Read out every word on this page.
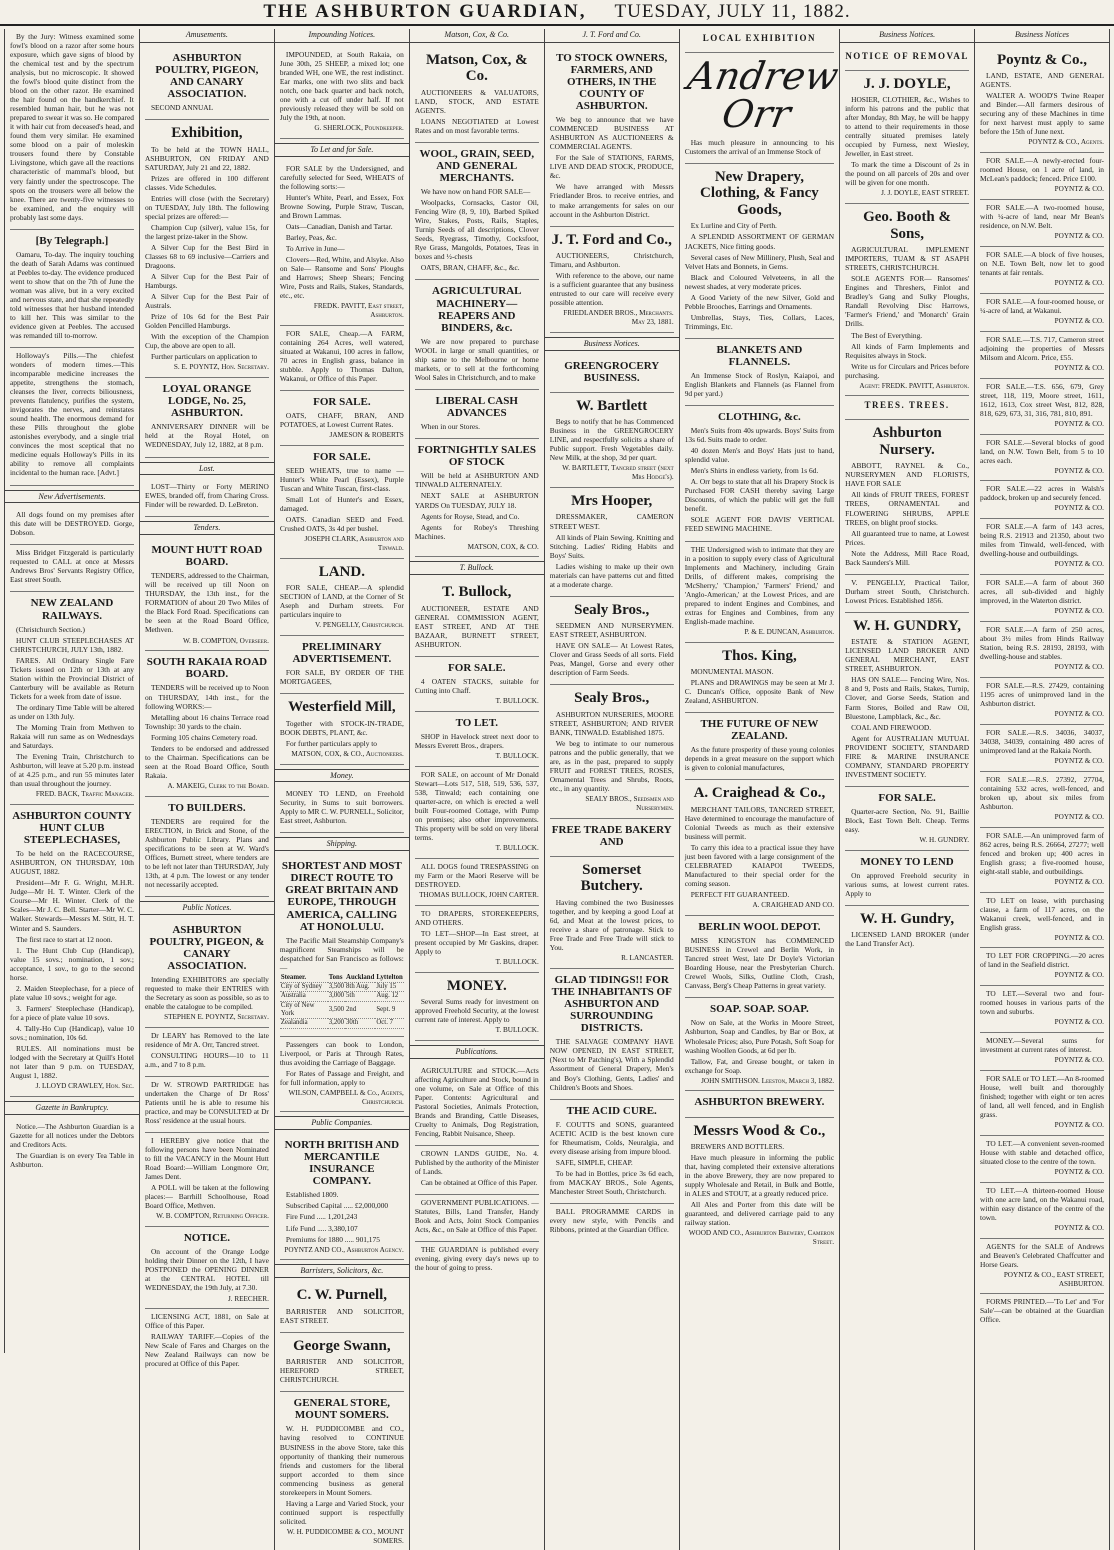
THE ASHBURTON GUARDIAN, TUESDAY, JULY 11, 1882.

By the Jury: Witness examined some fowl's blood on a razor after some hours exposure, which gave signs of blood by the chemical test and by the spectrum analysis, but no microscopic. It showed the fowl's blood quite distinct from the blood on the other razor. He examined the hair found on the handkerchief. It resembled human hair, but he was not prepared to swear it was so. He compared it with hair cut from deceased's head, and found them very similar. He examined some blood on a pair of moleskin trousers found there by Constable Livingstone, which gave all the reactions characteristic of mammal's blood, but very faintly under the spectroscope. The spots on the trousers were all below the knee. There are twenty-five witnesses to be examined, and the enquiry will probably last some days.

[By Telegraph.]

Oamaru, To-day. The inquiry touching the death of Sarah Adams was continued at Peebles to-day. The evidence produced went to show that on the 7th of June the woman was alive, but in a very excited and nervous state, and that she repeatedly told witnesses that her husband intended to kill her. This was similar to the evidence given at Peebles. The accused was remanded till to-morrow.

Holloway's Pills.—The chiefest wonders of modern times.—This incomparable medicine increases the appetite, strengthens the stomach, cleanses the liver, corrects biliousness, prevents flatulency, purifies the system, invigorates the nerves, and reinstates sound health. The enormous demand for these Pills throughout the globe astonishes everybody, and a single trial convinces the most sceptical that no medicine equals Holloway's Pills in its ability to remove all complaints incidental to the human race. [Advt.]

New Advertisements.

All dogs found on my premises after this date will be DESTROYED. Gorge, Dobson.

Miss Bridget Fitzgerald is particularly requested to CALL at once at Messrs Andrews Bros' Servants Registry Office, East street South.

NEW ZEALAND RAILWAYS.

(Christchurch Section.)

HUNT CLUB STEEPLECHASES AT CHRISTCHURCH, JULY 13th, 1882.

FARES. All Ordinary Single Fare Tickets issued on 12th or 13th at any Station within the Provincial District of Canterbury will be available as Return Tickets for a week from date of issue.

The ordinary Time Table will be altered as under on 13th July.

The Morning Train from Methven to Rakaia will run same as on Wednesdays and Saturdays.

The Evening Train, Christchurch to Ashburton, will leave at 5.20 p.m. instead of at 4.25 p.m., and run 55 minutes later than usual throughout the journey.

FRED. BACK, Traffic Manager.
ASHBURTON COUNTY HUNT CLUB STEEPLECHASES,

To be held on the RACECOURSE, ASHBURTON, ON THURSDAY, 10th AUGUST, 1882.

President—Mr F. G. Wright, M.H.R. Judge—Mr H. T. Winter. Clerk of the Course—Mr H. Winter. Clerk of the Scales—Mr J. C. Bell. Starter—Mr W. C. Walker. Stewards—Messrs M. Stitt, H. T. Winter and S. Saunders.

The first race to start at 12 noon.

1. The Hunt Club Cup (Handicap), value 15 sovs.; nomination, 1 sov.; acceptance, 1 sov., to go to the second horse.

2. Maiden Steeplechase, for a piece of plate value 10 sovs.; weight for age.

3. Farmers' Steeplechase (Handicap), for a piece of plate value 10 sovs.

4. Tally-Ho Cup (Handicap), value 10 sovs.; nomination, 10s 6d.

RULES. All nominations must be lodged with the Secretary at Quill's Hotel not later than 9 p.m. on TUESDAY, August 1, 1882.

J. LLOYD CRAWLEY, Hon. Sec.
Gazette in Bankruptcy.

Notice.—The Ashburton Guardian is a Gazette for all notices under the Debtors and Creditors Acts.

The Guardian is on every Tea Table in Ashburton.

Amusements.
ASHBURTON POULTRY, PIGEON, AND CANARY ASSOCIATION.

SECOND ANNUAL

Exhibition,

To be held at the TOWN HALL, ASHBURTON, ON FRIDAY AND SATURDAY, July 21 and 22, 1882.

Prizes are offered in 100 different classes. Vide Schedules.

Entries will close (with the Secretary) on TUESDAY, July 18th. The following special prizes are offered:—

Champion Cup (silver), value 15s, for the largest prize-taker in the Show.

A Silver Cup for the Best Bird in Classes 68 to 69 inclusive—Carriers and Dragoons.

A Silver Cup for the Best Pair of Hamburgs.

A Silver Cup for the Best Pair of Australs.

Prize of 10s 6d for the Best Pair Golden Pencilled Hamburgs.

With the exception of the Champion Cup, the above are open to all.

Further particulars on application to

S. E. POYNTZ, Hon. Secretary.
LOYAL ORANGE LODGE, No. 25, ASHBURTON.

ANNIVERSARY DINNER will be held at the Royal Hotel, on WEDNESDAY, July 12, 1882, at 8 p.m.

Lost.

LOST—Thirty or Forty MERINO EWES, branded off, from Charing Cross. Finder will be rewarded. D. LeBreton.

Tenders.
MOUNT HUTT ROAD BOARD.

TENDERS, addressed to the Chairman, will be received up till Noon on THURSDAY, the 13th inst., for the FORMATION of about 20 Two Miles of the Black Ford Road. Specifications can be seen at the Road Board Office, Methven.

W. B. COMPTON, Overseer.
SOUTH RAKAIA ROAD BOARD.

TENDERS will be received up to Noon on THURSDAY, 14th inst., for the following WORKS:—

Metalling about 16 chains Terrace road Township: 30 yards to the chain.

Forming 105 chains Cemetery road.

Tenders to be endorsed and addressed to the Chairman. Specifications can be seen at the Road Board Office, South Rakaia.

A. MAKEIG, Clerk to the Board.
TO BUILDERS.

TENDERS are required for the ERECTION, in Brick and Stone, of the Ashburton Public Library. Plans and specifications to be seen at W. Ward's Offices, Burnett street, where tenders are to be left not later than THURSDAY, July 13th, at 4 p.m. The lowest or any tender not necessarily accepted.

Public Notices.
ASHBURTON POULTRY, PIGEON, & CANARY ASSOCIATION.

Intending EXHIBITORS are specially requested to make their ENTRIES with the Secretary as soon as possible, so as to enable the catalogue to be compiled.

STEPHEN E. POYNTZ, Secretary.

Dr LEARY has Removed to the late residence of Mr A. Orr, Tancred street.

CONSULTING HOURS—10 to 11 a.m., and 7 to 8 p.m.

Dr W. STROWD PARTRIDGE has undertaken the Charge of Dr Ross' Patients until he is able to resume his practice, and may be CONSULTED at Dr Ross' residence at the usual hours.

I HEREBY give notice that the following persons have been Nominated to fill the VACANCY in the Mount Hutt Road Board:—William Longmore Orr, James Dent.

A POLL will be taken at the following places:— Barrhill Schoolhouse, Road Board Office, Methven.

W. B. COMPTON, Returning Officer.
NOTICE.

On account of the Orange Lodge holding their Dinner on the 12th, I have POSTPONED the OPENING DINNER at the CENTRAL HOTEL till WEDNESDAY, the 19th July, at 7.30.

J. REECHER.

LICENSING ACT, 1881, on Sale at Office of this Paper.

RAILWAY TARIFF.—Copies of the New Scale of Fares and Charges on the New Zealand Railways can now be procured at Office of this Paper.

Impounding Notices.

IMPOUNDED, at South Rakaia, on June 30th, 25 SHEEP, a mixed lot; one branded WH, one WE, the rest indistinct. Ear marks, one with two slits and back notch, one back quarter and back notch, one with a cut off under half. If not previously released they will be sold on July the 19th, at noon.

G. SHERLOCK, Poundkeeper.
To Let and for Sale.

FOR SALE by the Undersigned, and carefully selected for Seed, WHEATS of the following sorts:—

Hunter's White, Pearl, and Essex, Fox Browne Sowing, Purple Straw, Tuscan, and Brown Lammas.

Oats—Canadian, Danish and Tartar.

Barley, Peas, &c.

To Arrive in June—

Clovers—Red, White, and Alsyke. Also on Sale— Ransome and Sons' Ploughs and Harrows; Sheep Shears; Fencing Wire, Posts and Rails, Stakes, Standards, etc., etc.

FREDK. PAVITT, East street, Ashburton.

FOR SALE, Cheap.—A FARM, containing 264 Acres, well watered, situated at Wakanui, 100 acres in fallow, 70 acres in English grass, balance in stubble. Apply to Thomas Dalton, Wakanui, or Office of this Paper.

FOR SALE.

OATS, CHAFF, BRAN, AND POTATOES, at Lowest Current Rates.

JAMESON & ROBERTS
FOR SALE.

SEED WHEATS, true to name — Hunter's White Pearl (Essex), Purple Tuscan and White Tuscan, first-class.

Small Lot of Hunter's and Essex, damaged.

OATS. Canadian SEED and Feed. Crushed OATS, 3s 4d per bushel.

JOSEPH CLARK, Ashburton and Tinwald.
LAND.

FOR SALE, CHEAP.—A splendid SECTION of LAND, at the Corner of St Aseph and Durham streets. For particulars inquire to

V. PENGELLY, Christchurch.
PRELIMINARY ADVERTISEMENT.

FOR SALE, BY ORDER OF THE MORTGAGEES,

Westerfield Mill,

Together with STOCK-IN-TRADE, BOOK DEBTS, PLANT, &c.

For further particulars apply to

MATSON, COX, & CO., Auctioneers.
Money.

MONEY TO LEND, on Freehold Security, in Sums to suit borrowers. Apply to MR C. W. PURNELL, Solicitor, East street, Ashburton.

Shipping.
SHORTEST AND MOST DIRECT ROUTE TO GREAT BRITAIN AND EUROPE, THROUGH AMERICA, CALLING AT HONOLULU.

The Pacific Mail Steamship Company's magnificent Steamships will be despatched for San Francisco as follows:—

Steamer.	Tons	Auckland	Lyttelton
City of Sydney	3,500	8th Aug.	July 15
Australia	3,000	5th	Aug. 12
City of New York	3,500	2nd	Sept. 9
Zealandia	3,200	30th	Oct. 7

Passengers can book to London, Liverpool, or Paris at Through Rates, thus avoiding the Carriage of Baggage.

For Rates of Passage and Freight, and for full information, apply to

WILSON, CAMPBELL & Co., Agents, Christchurch.
Public Companies.
NORTH BRITISH AND MERCANTILE INSURANCE COMPANY.

Established 1809.

Subscribed Capital ..... £2,000,000

Fire Fund ..... 1,201,243

Life Fund ..... 3,380,107

Premiums for 1880 ..... 901,175

POYNTZ AND CO., Ashburton Agency.
Barristers, Solicitors, &c.
C. W. Purnell,

BARRISTER AND SOLICITOR, EAST STREET.

George Swann,

BARRISTER AND SOLICITOR, HEREFORD STREET, CHRISTCHURCH.

GENERAL STORE, MOUNT SOMERS.

W. H. PUDDICOMBE and CO., having resolved to CONTINUE BUSINESS in the above Store, take this opportunity of thanking their numerous friends and customers for the liberal support accorded to them since commencing business as general storekeepers in Mount Somers.

Having a Large and Varied Stock, your continued support is respectfully solicited.

W. H. PUDDICOMBE & CO., MOUNT SOMERS.
Matson, Cox, & Co.
Matson, Cox, & Co.

AUCTIONEERS & VALUATORS, LAND, STOCK, AND ESTATE AGENTS.

LOANS NEGOTIATED at Lowest Rates and on most favorable terms.

WOOL, GRAIN, SEED, AND GENERAL MERCHANTS.

We have now on hand FOR SALE—

Woolpacks, Cornsacks, Castor Oil, Fencing Wire (8, 9, 10), Barbed Spiked Wire, Stakes, Posts, Rails, Staples, Turnip Seeds of all descriptions, Clover Seeds, Ryegrass, Timothy, Cocksfoot, Rye Grass, Mangolds, Potatoes, Teas in boxes and ½-chests

OATS, BRAN, CHAFF, &c., &c.

AGRICULTURAL MACHINERY— REAPERS AND BINDERS, &c.

We are now prepared to purchase WOOL in large or small quantities, or ship same to the Melbourne or home markets, or to sell at the forthcoming Wool Sales in Christchurch, and to make

LIBERAL CASH ADVANCES

When in our Stores.

FORTNIGHTLY SALES OF STOCK

Will be held at ASHBURTON AND TINWALD ALTERNATELY.

NEXT SALE at ASHBURTON YARDS On TUESDAY, JULY 18.

Agents for Royse, Stead, and Co.

Agents for Robey's Threshing Machines.

MATSON, COX, & CO.
T. Bullock.
T. Bullock,

AUCTIONEER, ESTATE AND GENERAL COMMISSION AGENT, EAST STREET, AND AT THE BAZAAR, BURNETT STREET, ASHBURTON.

FOR SALE.

4 OATEN STACKS, suitable for Cutting into Chaff.

T. BULLOCK.
TO LET.

SHOP in Havelock street next door to Messrs Everett Bros., drapers.

T. BULLOCK.

FOR SALE, on account of Mr Donald Stewart—Lots 517, 518, 519, 536, 537, 538, Tinwald; each containing one quarter-acre, on which is erected a well built Four-roomed Cottage, with Pump on premises; also other improvements. This property will be sold on very liberal terms.

T. BULLOCK.

ALL DOGS found TRESPASSING on my Farm or the Maori Reserve will be DESTROYED.

THOMAS BULLOCK, JOHN CARTER.

TO DRAPERS, STOREKEEPERS, AND OTHERS.

TO LET—SHOP—In East street, at present occupied by Mr Gaskins, draper. Apply to

T. BULLOCK.
MONEY.

Several Sums ready for investment on approved Freehold Security, at the lowest current rate of interest. Apply to

T. BULLOCK.
Publications.

AGRICULTURE and STOCK.—Acts affecting Agriculture and Stock, bound in one volume, on Sale at Office of this Paper. Contents: Agricultural and Pastoral Societies, Animals Protection, Brands and Branding, Cattle Diseases, Cruelty to Animals, Dog Registration, Fencing, Rabbit Nuisance, Sheep.

CROWN LANDS GUIDE, No. 4. Published by the authority of the Minister of Lands.

Can be obtained at Office of this Paper.

GOVERNMENT PUBLICATIONS. —Statutes, Bills, Land Transfer, Handy Book and Acts, Joint Stock Companies Acts, &c., on Sale at Office of this Paper.

THE GUARDIAN is published every evening, giving every day's news up to the hour of going to press.

J. T. Ford and Co.
TO STOCK OWNERS, FARMERS, AND OTHERS, IN THE COUNTY OF ASHBURTON.

We beg to announce that we have COMMENCED BUSINESS AT ASHBURTON AS AUCTIONEERS & COMMERCIAL AGENTS.

For the Sale of STATIONS, FARMS, LIVE AND DEAD STOCK, PRODUCE, &c.

We have arranged with Messrs Friedlander Bros. to receive entries, and to make arrangements for sales on our account in the Ashburton District.

J. T. Ford and Co.,

AUCTIONEERS, Christchurch, Timaru, and Ashburton.

With reference to the above, our name is a sufficient guarantee that any business entrusted to our care will receive every possible attention.

FRIEDLANDER BROS., Merchants. May 23, 1881.
Business Notices.
GREENGROCERY BUSINESS.
W. Bartlett

Begs to notify that he has Commenced Business in the GREENGROCERY LINE, and respectfully solicits a share of Public support. Fresh Vegetables daily. New Milk, at the shop, 3d per quart.

W. BARTLETT, Tancred street (next Mrs Hodge's).
Mrs Hooper,

DRESSMAKER, CAMERON STREET WEST.

All kinds of Plain Sewing. Knitting and Stitching. Ladies' Riding Habits and Boys' Suits.

Ladies wishing to make up their own materials can have patterns cut and fitted at a moderate charge.

Sealy Bros.,

SEEDMEN AND NURSERYMEN. EAST STREET, ASHBURTON.

HAVE ON SALE— At Lowest Rates, Clover and Grass Seeds of all sorts. Field Peas, Mangel, Gorse and every other description of Farm Seeds.

Sealy Bros.,

ASHBURTON NURSERIES, MOORE STREET, ASHBURTON; AND RIVER BANK, TINWALD. Established 1875.

We beg to intimate to our numerous patrons and the public generally, that we are, as in the past, prepared to supply FRUIT and FOREST TREES, ROSES, Ornamental Trees and Shrubs, Roots, etc., in any quantity.

SEALY BROS., Seedsmen and Nurserymen.
FREE TRADE BAKERY AND
Somerset Butchery.

Having combined the two Businesses together, and by keeping a good Loaf at 6d, and Meat at the lowest prices, to receive a share of patronage. Stick to Free Trade and Free Trade will stick to You.

R. LANCASTER.
GLAD TIDINGS!! FOR THE INHABITANTS OF ASHBURTON AND SURROUNDING DISTRICTS.

THE SALVAGE COMPANY HAVE NOW OPENED, IN EAST STREET, (Next to Mr Patching's), With a Splendid Assortment of General Drapery, Men's and Boy's Clothing, Gents, Ladies' and Children's Boots and Shoes.

THE ACID CURE.

F. COUTTS and SONS, guaranteed ACETIC ACID is the best known cure for Rheumatism, Colds, Neuralgia, and every disease arising from impure blood.

SAFE, SIMPLE, CHEAP.

To be had in Bottles, price 3s 6d each, from MACKAY BROS., Sole Agents, Manchester Street South, Christchurch.

BALL PROGRAMME CARDS in every new style, with Pencils and Ribbons, printed at the Guardian Office.

LOCAL EXHIBITION
Andrew Orr

Has much pleasure in announcing to his Customers the arrival of an Immense Stock of

New Drapery, Clothing, & Fancy Goods,

Ex Lurline and City of Perth.

A SPLENDID ASSORTMENT OF GERMAN JACKETS, Nice fitting goods.

Several cases of New Millinery, Plush, Seal and Velvet Hats and Bonnets, in Gems.

Black and Coloured Velveteens, in all the newest shades, at very moderate prices.

A Good Variety of the new Silver, Gold and Pebble Brooches, Earrings and Ornaments.

Umbrellas, Stays, Ties, Collars, Laces, Trimmings, Etc.

BLANKETS AND FLANNELS.

An Immense Stock of Roslyn, Kaiapoi, and English Blankets and Flannels (as Flannel from 9d per yard.)

CLOTHING, &c.

Men's Suits from 40s upwards. Boys' Suits from 13s 6d. Suits made to order.

40 dozen Men's and Boys' Hats just to hand, splendid value.

Men's Shirts in endless variety, from 1s 6d.

A. Orr begs to state that all his Drapery Stock is Purchased FOR CASH thereby saving Large Discounts, of which the public will get the full benefit.

SOLE AGENT FOR DAVIS' VERTICAL FEED SEWING MACHINE.

THE Undersigned wish to intimate that they are in a position to supply every class of Agricultural Implements and Machinery, including Grain Drills, of different makes, comprising the 'McSherry,' 'Champion,' 'Farmers' Friend,' and 'Anglo-American,' at the Lowest Prices, and are prepared to indent Engines and Combines, and extras for Engines and Combines, from any English-made machine.

P. & E. DUNCAN, Ashburton.
Thos. King,

MONUMENTAL MASON.

PLANS and DRAWINGS may be seen at Mr J. C. Duncan's Office, opposite Bank of New Zealand, ASHBURTON.

THE FUTURE OF NEW ZEALAND.

As the future prosperity of these young colonies depends in a great measure on the support which is given to colonial manufactures,

A. Craighead & Co.,

MERCHANT TAILORS, TANCRED STREET, Have determined to encourage the manufacture of Colonial Tweeds as much as their extensive business will permit.

To carry this idea to a practical issue they have just been favored with a large consignment of the CELEBRATED KAIAPOI TWEEDS, Manufactured to their special order for the coming season.

PERFECT FIT GUARANTEED.

A. CRAIGHEAD AND CO.
BERLIN WOOL DEPOT.

MISS KINGSTON has COMMENCED BUSINESS in Crewel and Berlin Work, in Tancred street West, late Dr Doyle's Victorian Boarding House, near the Presbyterian Church. Crewel Wools, Silks, Outline Cloth, Crash, Canvass, Berg's Cheap Patterns in great variety.

SOAP. SOAP. SOAP.

Now on Sale, at the Works in Moore Street, Ashburton, Soap and Candles, by Bar or Box, at Wholesale Prices; also, Pure Potash, Soft Soap for washing Woollen Goods, at 6d per lb.

Tallow, Fat, and Grease bought, or taken in exchange for Soap.

JOHN SMITHSON. Leeston, March 3, 1882.
ASHBURTON BREWERY.
Messrs Wood & Co.,

BREWERS AND BOTTLERS.

Have much pleasure in informing the public that, having completed their extensive alterations in the above Brewery, they are now prepared to supply Wholesale and Retail, in Bulk and Bottle, in ALES and STOUT, at a greatly reduced price.

All Ales and Porter from this date will be guaranteed, and delivered carriage paid to any railway station.

WOOD AND CO., Ashburton Brewery, Cameron Street.
Business Notices.
NOTICE OF REMOVAL
J. J. DOYLE,

HOSIER, CLOTHIER, &c., Wishes to inform his patrons and the public that after Monday, 8th May, he will be happy to attend to their requirements in those centrally situated premises lately occupied by Furness, next Wiesley, Jeweller, in East street.

To mark the time a Discount of 2s in the pound on all parcels of 20s and over will be given for one month.

J. J. DOYLE, EAST STREET.
Geo. Booth & Sons,

AGRICULTURAL IMPLEMENT IMPORTERS, TUAM & ST ASAPH STREETS, CHRISTCHURCH.

SOLE AGENTS FOR— Ransomes' Engines and Threshers, Finlot and Bradley's Gang and Sulky Ploughs, Randall Revolving Disc Harrows, 'Farmer's Friend,' and 'Monarch' Grain Drills.

The Best of Everything.

All kinds of Farm Implements and Requisites always in Stock.

Write us for Circulars and Prices before purchasing.

Agent: FREDK. PAVITT, Ashburton.
TREES. TREES.
Ashburton Nursery.

ABBOTT, RAYNEL & Co., NURSERYMEN AND FLORISTS, HAVE FOR SALE

All kinds of FRUIT TREES, FOREST TREES, ORNAMENTAL and FLOWERING SHRUBS, APPLE TREES, on blight proof stocks.

All guaranteed true to name, at Lowest Prices.

Note the Address, Mill Race Road, Back Saunders's Mill.

V. PENGELLY, Practical Tailor, Durham street South, Christchurch. Lowest Prices. Established 1856.

W. H. GUNDRY,

ESTATE & STATION AGENT, LICENSED LAND BROKER AND GENERAL MERCHANT, EAST STREET, ASHBURTON.

HAS ON SALE— Fencing Wire, Nos. 8 and 9, Posts and Rails, Stakes, Turnip, Clover, and Gorse Seeds, Station and Farm Stores, Boiled and Raw Oil, Bluestone, Lampblack, &c., &c.

COAL AND FIREWOOD.

Agent for AUSTRALIAN MUTUAL PROVIDENT SOCIETY, STANDARD FIRE & MARINE INSURANCE COMPANY, STANDARD PROPERTY INVESTMENT SOCIETY.

FOR SALE.

Quarter-acre Section, No. 91, Baillie Block, East Town Belt. Cheap. Terms easy.

W. H. GUNDRY.
MONEY TO LEND

On approved Freehold security in various sums, at lowest current rates. Apply to

W. H. Gundry,

LICENSED LAND BROKER (under the Land Transfer Act).

Business Notices
Poyntz & Co.,

LAND, ESTATE, AND GENERAL AGENTS.

WALTER A. WOOD'S Twine Reaper and Binder.—All farmers desirous of securing any of these Machines in time for next harvest must apply to same before the 15th of June next.

POYNTZ & CO., Agents.

FOR SALE.—A newly-erected four-roomed House, on 1 acre of land, in McLean's paddock; fenced. Price £100.

POYNTZ & CO.

FOR SALE.—A two-roomed house, with ¼-acre of land, near Mr Bean's residence, on N.W. Belt.

POYNTZ & CO.

FOR SALE.—A block of five houses, on N.E. Town Belt, now let to good tenants at fair rentals.

POYNTZ & CO.

FOR SALE.—A four-roomed house, or ¼-acre of land, at Wakanui.

POYNTZ & CO.

FOR SALE.—T.S. 717, Cameron street adjoining the properties of Messrs Milsom and Alcorn. Price, £55.

POYNTZ & CO.

FOR SALE.—T.S. 656, 679, Grey street, 118, 119, Moore street, 1611, 1612, 1613, Cox street West, 812, 828, 818, 629, 673, 31, 316, 781, 810, 891.

POYNTZ & CO.

FOR SALE.—Several blocks of good land, on N.W. Town Belt, from 5 to 10 acres each.

POYNTZ & CO.

FOR SALE.—22 acres in Walsh's paddock, broken up and securely fenced.

POYNTZ & CO.

FOR SALE.—A farm of 143 acres, being R.S. 21913 and 21350, about two miles from Tinwald, well-fenced, with dwelling-house and outbuildings.

POYNTZ & CO.

FOR SALE.—A farm of about 360 acres, all sub-divided and highly improved, in the Waterton district.

POYNTZ & CO.

FOR SALE.—A farm of 250 acres, about 3½ miles from Hinds Railway Station, being R.S. 28193, 28193, with dwelling-house and stables.

POYNTZ & CO.

FOR SALE.—R.S. 27429, containing 1195 acres of unimproved land in the Ashburton district.

POYNTZ & CO.

FOR SALE.—R.S. 34036, 34037, 34038, 34039, containing 480 acres of unimproved land at the Rakaia North.

POYNTZ & CO.

FOR SALE.—R.S. 27392, 27704, containing 532 acres, well-fenced, and broken up, about six miles from Ashburton.

POYNTZ & CO.

FOR SALE.—An unimproved farm of 862 acres, being R.S. 26664, 27277; well fenced and broken up; 400 acres in English grass; a five-roomed house, eight-stall stable, and outbuildings.

POYNTZ & CO.

TO LET on lease, with purchasing clause, a farm of 117 acres, on the Wakanui creek, well-fenced, and in English grass.

POYNTZ & CO.

TO LET FOR CROPPING.—20 acres of land in the Seafield district.

POYNTZ & CO.

TO LET.—Several two and four-roomed houses in various parts of the town and suburbs.

POYNTZ & CO.

MONEY.—Several sums for investment at current rates of interest.

POYNTZ & CO.

FOR SALE or TO LET.—An 8-roomed House, well built and thoroughly finished; together with eight or ten acres of land, all well fenced, and in English grass.

POYNTZ & CO.

TO LET.—A convenient seven-roomed House with stable and detached office, situated close to the centre of the town.

POYNTZ & CO.

TO LET.—A thirteen-roomed House with one acre land, on the Wakanui road, within easy distance of the centre of the town.

POYNTZ & CO.

AGENTS for the SALE of Andrews and Beaven's Celebrated Chaffcutter and Horse Gears.

POYNTZ & CO., EAST STREET, ASHBURTON.

FORMS PRINTED.—'To Let' and 'For Sale'—can be obtained at the Guardian Office.
